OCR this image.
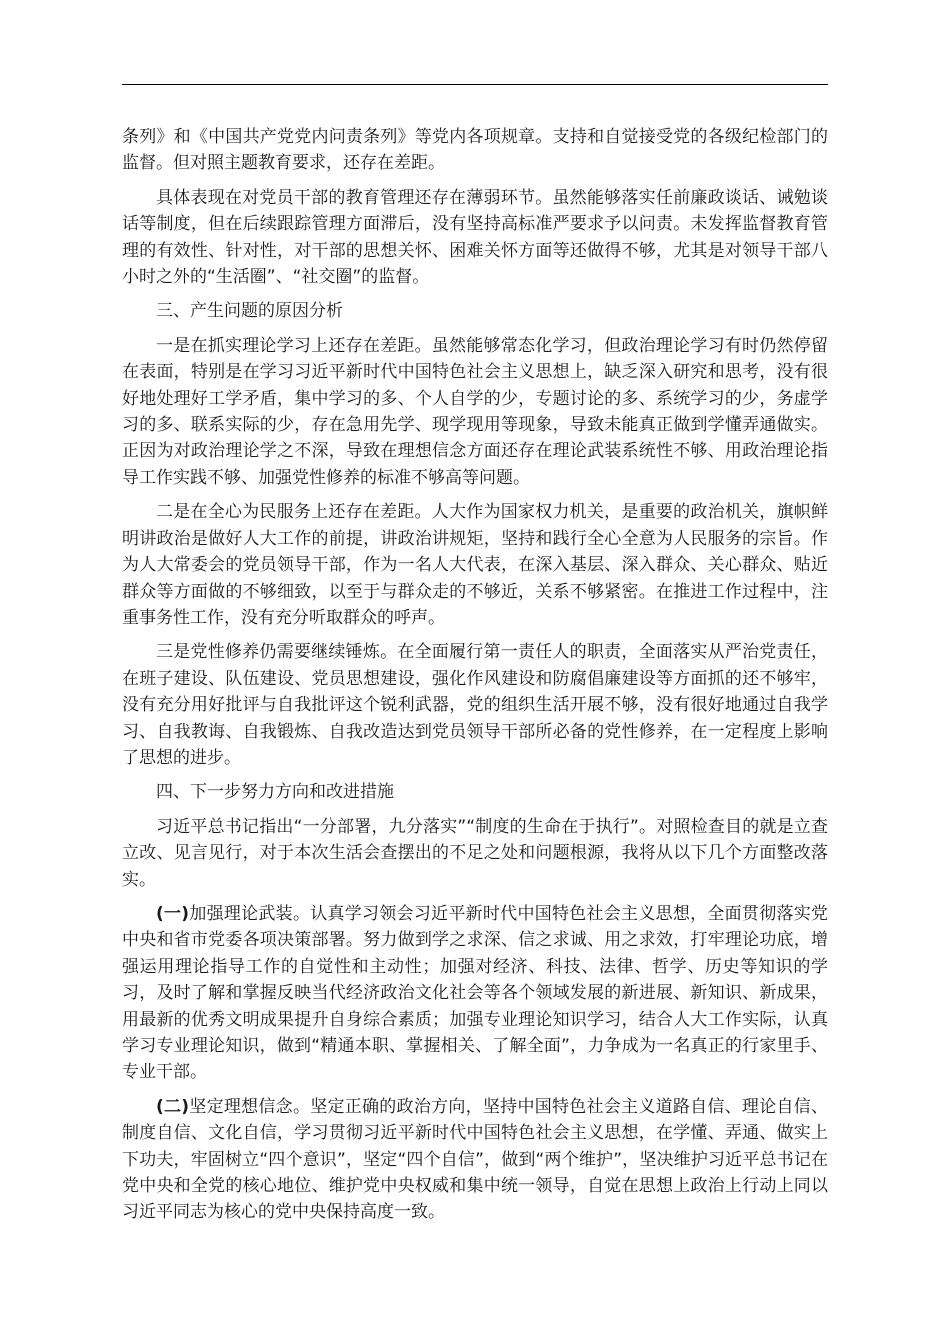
条列》和《中国共产党党内问责条列》等党内各项规章。支持和自觉接受党的各级纪检部门的监督。但对照主题教育要求，还存在差距。

具体表现在对党员干部的教育管理还存在薄弱环节。虽然能够落实任前廉政谈话、诫勉谈话等制度，但在后续跟踪管理方面滞后，没有坚持高标准严要求予以问责。未发挥监督教育管理的有效性、针对性，对干部的思想关怀、困难关怀方面等还做得不够，尤其是对领导干部八小时之外的“生活圈”、“社交圈”的监督。

三、产生问题的原因分析

一是在抓实理论学习上还存在差距。虽然能够常态化学习，但政治理论学习有时仍然停留在表面，特别是在学习习近平新时代中国特色社会主义思想上，缺乏深入研究和思考，没有很好地处理好工学矛盾，集中学习的多、个人自学的少，专题讨论的多、系统学习的少，务虚学习的多、联系实际的少，存在急用先学、现学现用等现象，导致未能真正做到学懂弄通做实。正因为对政治理论学之不深，导致在理想信念方面还存在理论武装系统性不够、用政治理论指导工作实践不够、加强党性修养的标准不够高等问题。

二是在全心为民服务上还存在差距。人大作为国家权力机关，是重要的政治机关，旗帜鲜明讲政治是做好人大工作的前提，讲政治讲规矩，坚持和践行全心全意为人民服务的宗旨。作为人大常委会的党员领导干部，作为一名人大代表，在深入基层、深入群众、关心群众、贴近群众等方面做的不够细致，以至于与群众走的不够近，关系不够紧密。在推进工作过程中，注重事务性工作，没有充分听取群众的呼声。

三是党性修养仍需要继续锤炼。在全面履行第一责任人的职责，全面落实从严治党责任，在班子建设、队伍建设、党员思想建设，强化作风建设和防腐倡廉建设等方面抓的还不够牢，没有充分用好批评与自我批评这个锐利武器，党的组织生活开展不够，没有很好地通过自我学习、自我教诲、自我锻炼、自我改造达到党员领导干部所必备的党性修养，在一定程度上影响了思想的进步。

四、下一步努力方向和改进措施

习近平总书记指出“一分部署，九分落实”“制度的生命在于执行”。对照检查目的就是立查立改、见言见行，对于本次生活会查摆出的不足之处和问题根源，我将从以下几个方面整改落实。

(一)加强理论武装。认真学习领会习近平新时代中国特色社会主义思想，全面贯彻落实党中央和省市党委各项决策部署。努力做到学之求深、信之求诚、用之求效，打牢理论功底，增强运用理论指导工作的自觉性和主动性；加强对经济、科技、法律、哲学、历史等知识的学习，及时了解和掌握反映当代经济政治文化社会等各个领域发展的新进展、新知识、新成果，用最新的优秀文明成果提升自身综合素质；加强专业理论知识学习，结合人大工作实际，认真学习专业理论知识，做到“精通本职、掌握相关、了解全面”，力争成为一名真正的行家里手、专业干部。

(二)坚定理想信念。坚定正确的政治方向，坚持中国特色社会主义道路自信、理论自信、制度自信、文化自信，学习贯彻习近平新时代中国特色社会主义思想，在学懂、弄通、做实上下功夫，牢固树立“四个意识”，坚定“四个自信”，做到“两个维护”，坚决维护习近平总书记在党中央和全党的核心地位、维护党中央权威和集中统一领导，自觉在思想上政治上行动上同以习近平同志为核心的党中央保持高度一致。
